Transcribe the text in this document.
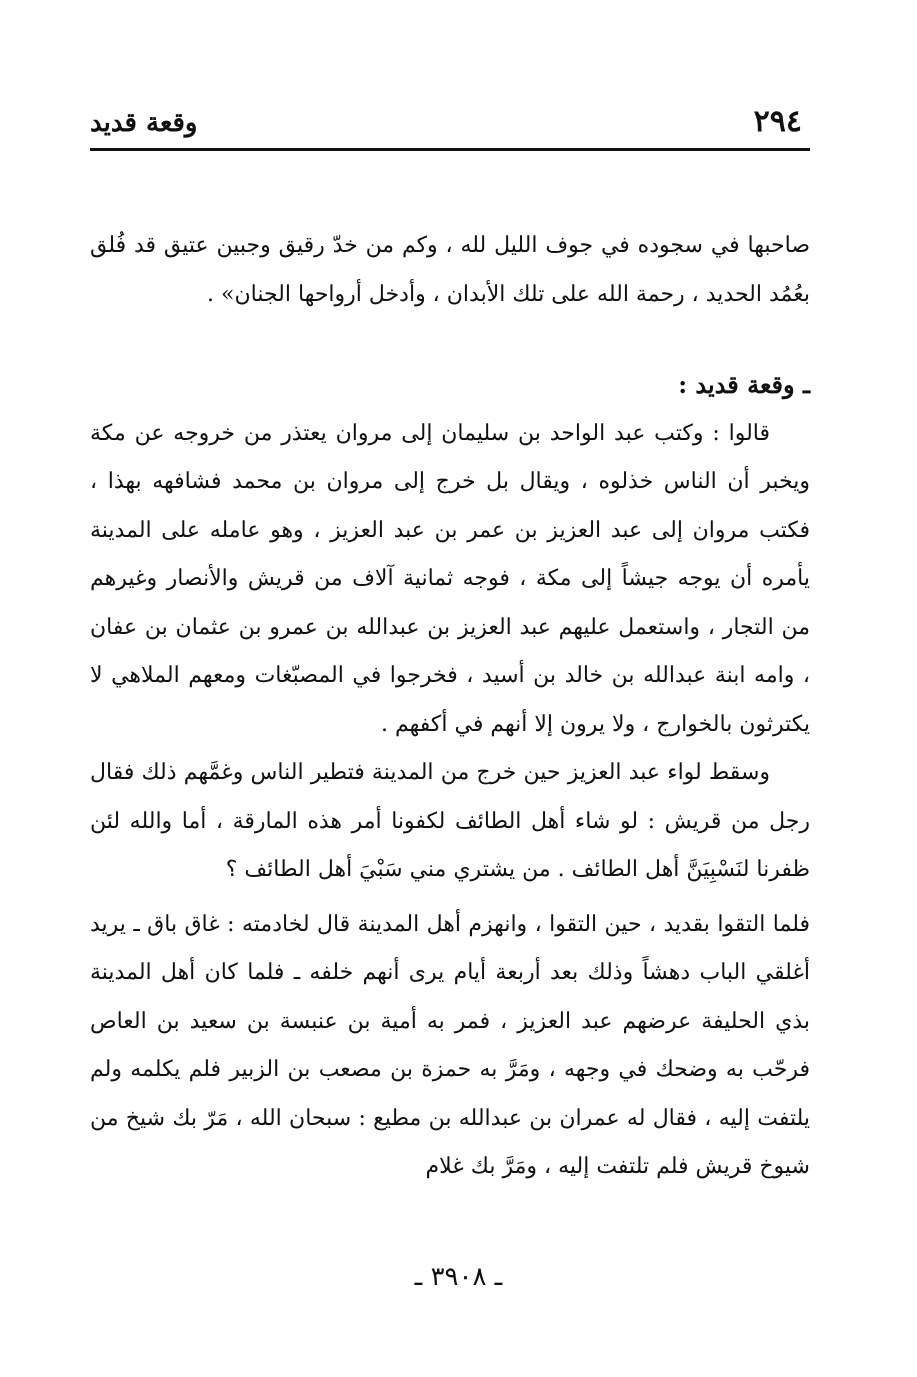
٢٩٤
وقعة قديد

صاحبها في سجوده في جوف الليل لله ، وكم من خدّ رقيق وجبين عتيق قد فُلق بعُمُد الحديد ، رحمة الله على تلك الأبدان ، وأدخل أرواحها الجنان» .

ـ وقعة قديد :

قالوا : وكتب عبد الواحد بن سليمان إلى مروان يعتذر من خروجه عن مكة ويخبر أن الناس خذلوه ، ويقال بل خرج إلى مروان بن محمد فشافهه بهذا ، فكتب مروان إلى عبد العزيز بن عمر بن عبد العزيز ، وهو عامله على المدينة يأمره أن يوجه جيشاً إلى مكة ، فوجه ثمانية آلاف من قريش والأنصار وغيرهم من التجار ، واستعمل عليهم عبد العزيز بن عبدالله بن عمرو بن عثمان بن عفان ، وامه ابنة عبدالله بن خالد بن أسيد ، فخرجوا في المصبّغات ومعهم الملاهي لا يكترثون بالخوارج ، ولا يرون إلا أنهم في أكفهم .

وسقط لواء عبد العزيز حين خرج من المدينة فتطير الناس وغمَّهم ذلك فقال رجل من قريش : لو شاء أهل الطائف لكفونا أمر هذه المارقة ، أما والله لئن ظفرنا لنَسْبِيَنَّ أهل الطائف . من يشتري مني سَبْيَ أهل الطائف ؟

فلما التقوا بقديد ، حين التقوا ، وانهزم أهل المدينة قال لخادمته : غاق باق ـ يريد أغلقي الباب دهشاً وذلك بعد أربعة أيام يرى أنهم خلفه ـ فلما كان أهل المدينة بذي الحليفة عرضهم عبد العزيز ، فمر به أمية بن عنبسة بن سعيد بن العاص فرحّب به وضحك في وجهه ، ومَرَّ به حمزة بن مصعب بن الزبير فلم يكلمه ولم يلتفت إليه ، فقال له عمران بن عبدالله بن مطيع : سبحان الله ، مَرّ بك شيخ من شيوخ قريش فلم تلتفت إليه ، ومَرَّ بك غلام

ـ ٣٩٠٨ ـ
